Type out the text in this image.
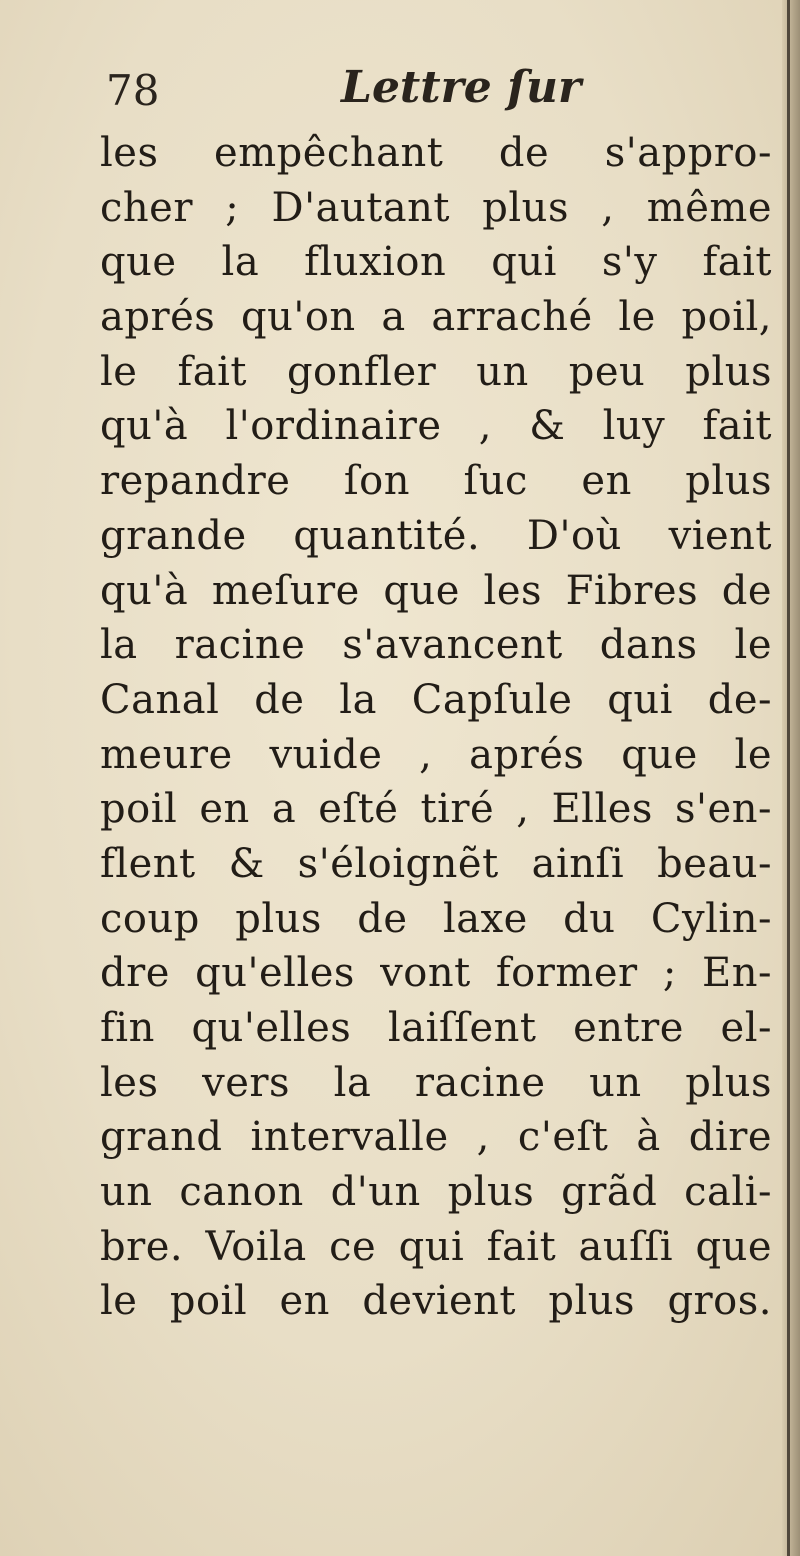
78	Lettre ſur
les empêchant de s'appro-
cher ; D'autant plus , même
que la fluxion qui s'y fait
aprés qu'on a arraché le poil,
le fait gonfler un peu plus
qu'à l'ordinaire , & luy fait
repandre ſon ſuc en plus
grande quantité. D'où vient
qu'à meſure que les Fibres de
la racine s'avancent dans le
Canal de la Capſule qui de-
meure vuide , aprés que le
poil en a eſté tiré , Elles s'en-
flent & s'éloignẽt ainſi beau-
coup plus de laxe du Cylin-
dre qu'elles vont former ; En-
fin qu'elles laiſſent entre el-
les vers la racine un plus
grand intervalle , c'eſt à dire
un canon d'un plus grãd cali-
bre. Voila ce qui fait auſſi que
le poil en devient plus gros.
